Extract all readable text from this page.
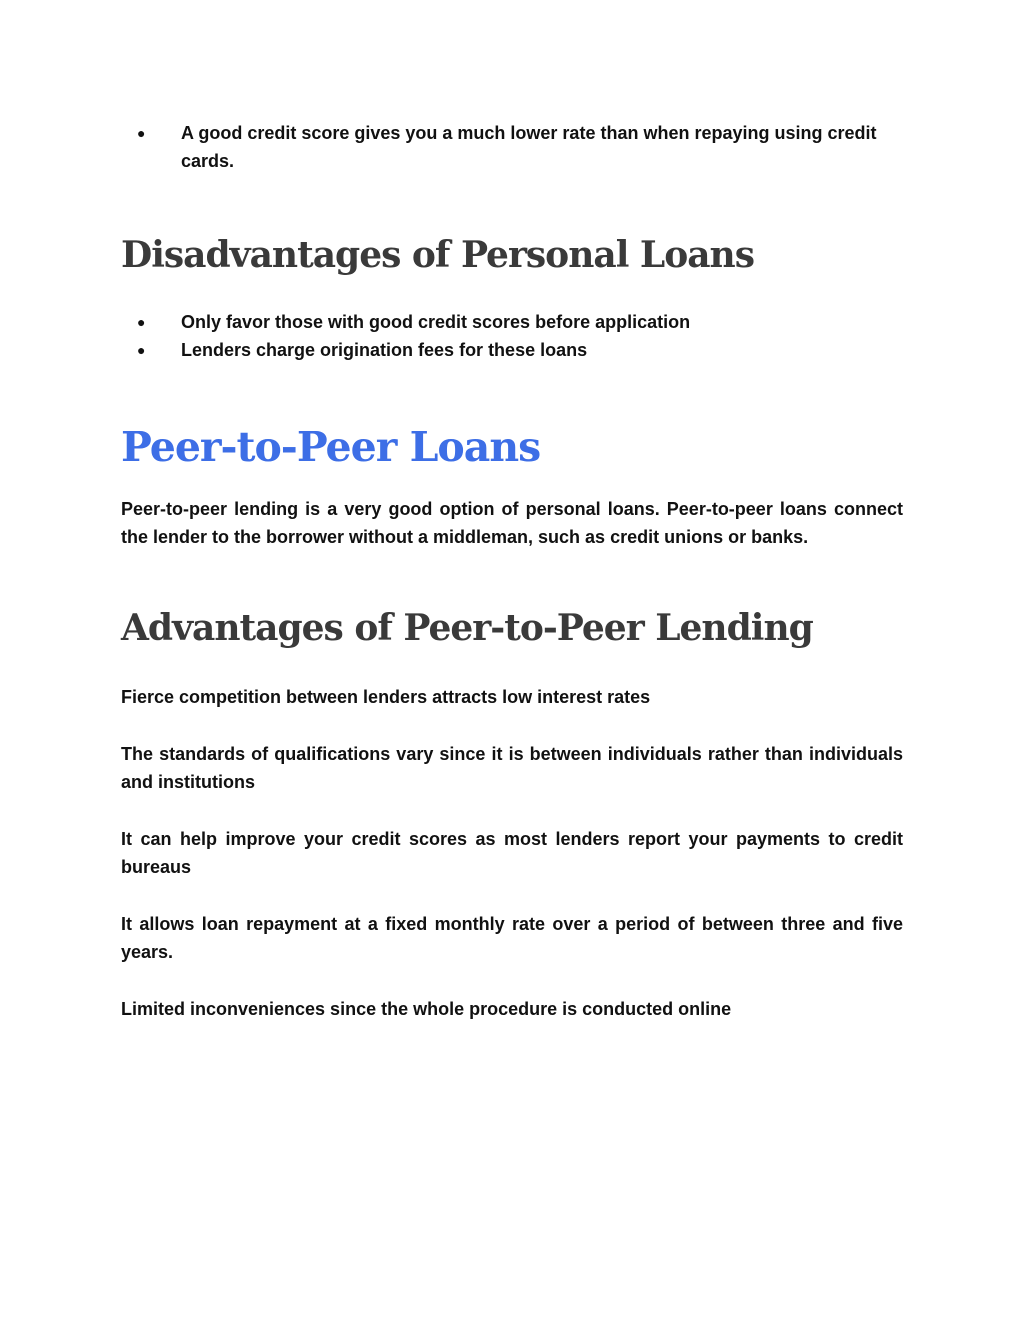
● A good credit score gives you a much lower rate than when repaying using credit cards.
Disadvantages of Personal Loans
● Only favor those with good credit scores before application
● Lenders charge origination fees for these loans
Peer-to-Peer Loans

Peer-to-peer lending is a very good option of personal loans. Peer-to-peer loans connect the lender to the borrower without a middleman, such as credit unions or banks.

Advantages of Peer-to-Peer Lending

Fierce competition between lenders attracts low interest rates

The standards of qualifications vary since it is between individuals rather than individuals and institutions

It can help improve your credit scores as most lenders report your payments to credit bureaus

It allows loan repayment at a fixed monthly rate over a period of between three and five years.

Limited inconveniences since the whole procedure is conducted online
